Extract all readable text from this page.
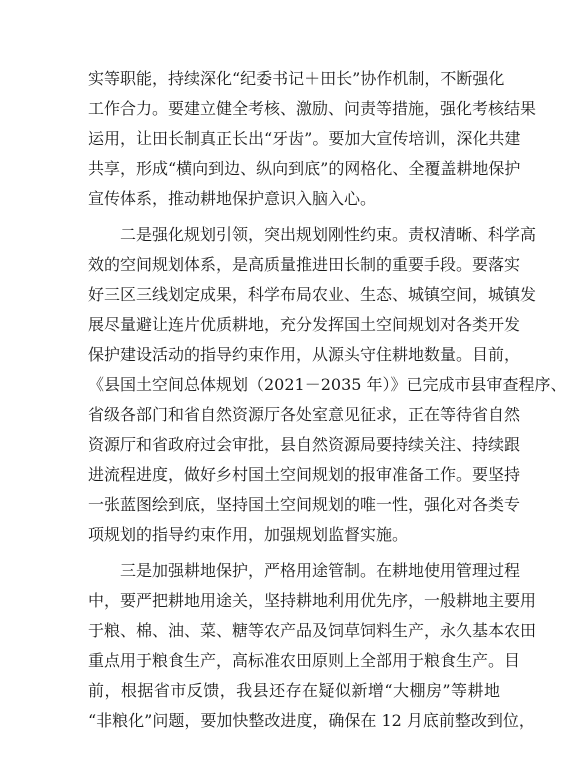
实等职能，持续深化“纪委书记＋田长”协作机制，不断强化
工作合力。要建立健全考核、激励、问责等措施，强化考核结果
运用，让田长制真正长出“牙齿”。要加大宣传培训，深化共建
共享，形成“横向到边、纵向到底”的网格化、全覆盖耕地保护
宣传体系，推动耕地保护意识入脑入心。
二是强化规划引领，突出规划刚性约束。责权清晰、科学高
效的空间规划体系，是高质量推进田长制的重要手段。要落实
好三区三线划定成果，科学布局农业、生态、城镇空间，城镇发
展尽量避让连片优质耕地，充分发挥国土空间规划对各类开发
保护建设活动的指导约束作用，从源头守住耕地数量。目前，
《县国土空间总体规划（2021－2035 年）》已完成市县审查程序、
省级各部门和省自然资源厅各处室意见征求，正在等待省自然
资源厅和省政府过会审批，县自然资源局要持续关注、持续跟
进流程进度，做好乡村国土空间规划的报审准备工作。要坚持
一张蓝图绘到底，坚持国土空间规划的唯一性，强化对各类专
项规划的指导约束作用，加强规划监督实施。
三是加强耕地保护，严格用途管制。在耕地使用管理过程
中，要严把耕地用途关，坚持耕地利用优先序，一般耕地主要用
于粮、棉、油、菜、糖等农产品及饲草饲料生产，永久基本农田
重点用于粮食生产，高标准农田原则上全部用于粮食生产。目
前，根据省市反馈，我县还存在疑似新增“大棚房”等耕地
“非粮化”问题，要加快整改进度，确保在 12 月底前整改到位，
